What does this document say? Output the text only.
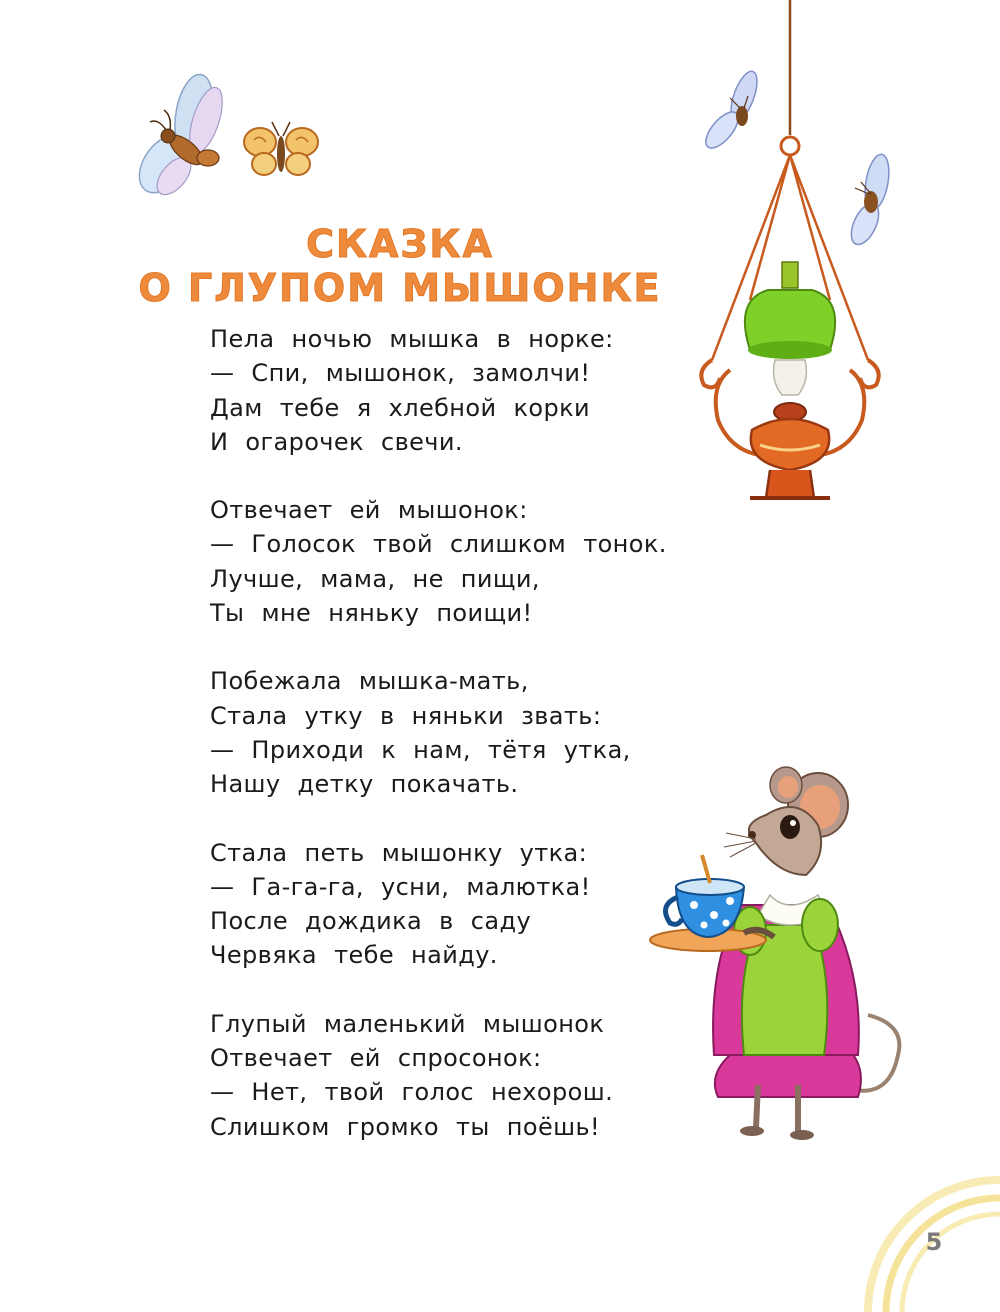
СКАЗКА
О ГЛУПОМ МЫШОНКЕ
Пела ночью мышка в норке:
— Спи, мышонок, замолчи!
Дам тебе я хлебной корки
И огарочек свечи.
Отвечает ей мышонок:
— Голосок твой слишком тонок.
Лучше, мама, не пищи,
Ты мне няньку поищи!
Побежала мышка-мать,
Стала утку в няньки звать:
— Приходи к нам, тётя утка,
Нашу детку покачать.
Стала петь мышонку утка:
— Га-га-га, усни, малютка!
После дождика в саду
Червяка тебе найду.
Глупый маленький мышонок
Отвечает ей спросонок:
— Нет, твой голос нехорош.
Слишком громко ты поёшь!
5
